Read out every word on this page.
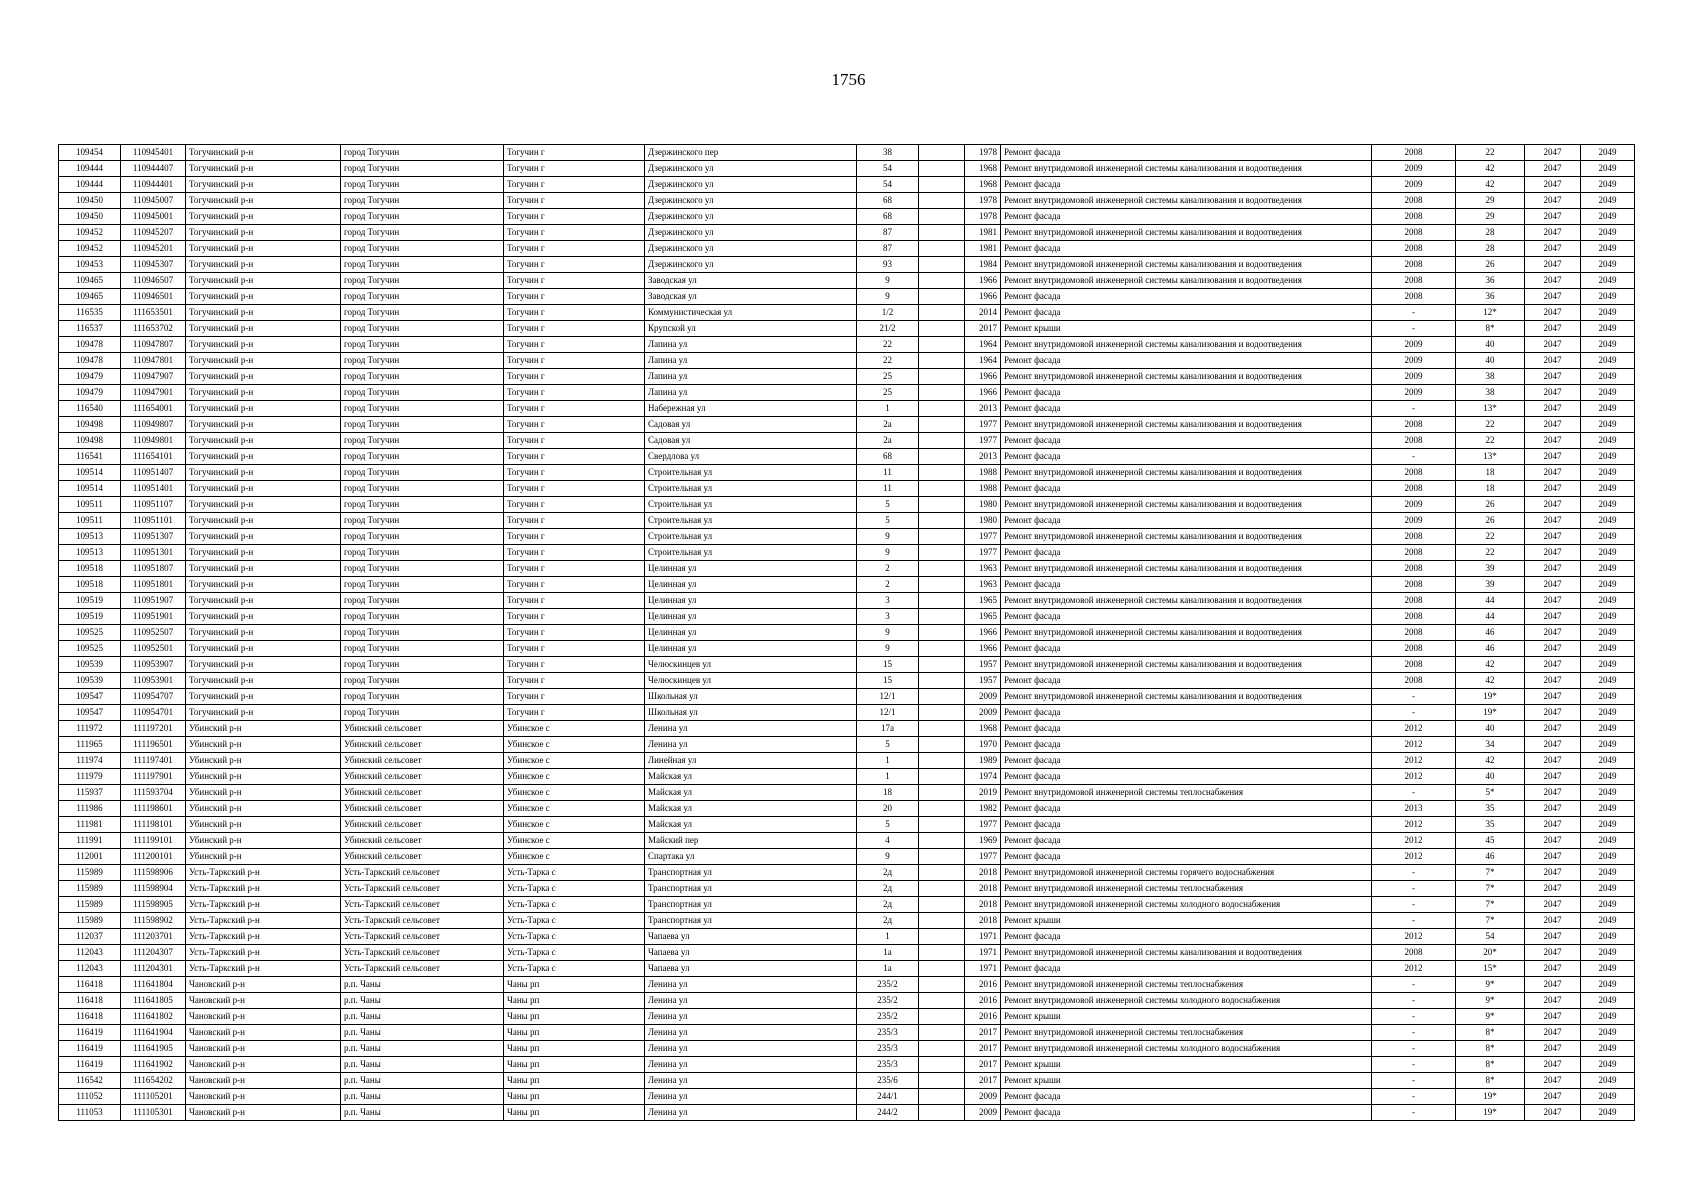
1756
109454	110945401	Тогучинский р-н	город Тогучин	Тогучин г	Дзержинского пер	38		1978	Ремонт фасада	2008	22	2047	2049
109444	110944407	Тогучинский р-н	город Тогучин	Тогучин г	Дзержинского ул	54		1968	Ремонт внутридомовой инженерной системы канализования и водоотведения	2009	42	2047	2049
109444	110944401	Тогучинский р-н	город Тогучин	Тогучин г	Дзержинского ул	54		1968	Ремонт фасада	2009	42	2047	2049
109450	110945007	Тогучинский р-н	город Тогучин	Тогучин г	Дзержинского ул	68		1978	Ремонт внутридомовой инженерной системы канализования и водоотведения	2008	29	2047	2049
109450	110945001	Тогучинский р-н	город Тогучин	Тогучин г	Дзержинского ул	68		1978	Ремонт фасада	2008	29	2047	2049
109452	110945207	Тогучинский р-н	город Тогучин	Тогучин г	Дзержинского ул	87		1981	Ремонт внутридомовой инженерной системы канализования и водоотведения	2008	28	2047	2049
109452	110945201	Тогучинский р-н	город Тогучин	Тогучин г	Дзержинского ул	87		1981	Ремонт фасада	2008	28	2047	2049
109453	110945307	Тогучинский р-н	город Тогучин	Тогучин г	Дзержинского ул	93		1984	Ремонт внутридомовой инженерной системы канализования и водоотведения	2008	26	2047	2049
109465	110946507	Тогучинский р-н	город Тогучин	Тогучин г	Заводская ул	9		1966	Ремонт внутридомовой инженерной системы канализования и водоотведения	2008	36	2047	2049
109465	110946501	Тогучинский р-н	город Тогучин	Тогучин г	Заводская ул	9		1966	Ремонт фасада	2008	36	2047	2049
116535	111653501	Тогучинский р-н	город Тогучин	Тогучин г	Коммунистическая ул	1/2		2014	Ремонт фасада	-	12*	2047	2049
116537	111653702	Тогучинский р-н	город Тогучин	Тогучин г	Крупской ул	21/2		2017	Ремонт крыши	-	8*	2047	2049
109478	110947807	Тогучинский р-н	город Тогучин	Тогучин г	Лапина ул	22		1964	Ремонт внутридомовой инженерной системы канализования и водоотведения	2009	40	2047	2049
109478	110947801	Тогучинский р-н	город Тогучин	Тогучин г	Лапина ул	22		1964	Ремонт фасада	2009	40	2047	2049
109479	110947907	Тогучинский р-н	город Тогучин	Тогучин г	Лапина ул	25		1966	Ремонт внутридомовой инженерной системы канализования и водоотведения	2009	38	2047	2049
109479	110947901	Тогучинский р-н	город Тогучин	Тогучин г	Лапина ул	25		1966	Ремонт фасада	2009	38	2047	2049
116540	111654001	Тогучинский р-н	город Тогучин	Тогучин г	Набережная ул	1		2013	Ремонт фасада	-	13*	2047	2049
109498	110949807	Тогучинский р-н	город Тогучин	Тогучин г	Садовая ул	2а		1977	Ремонт внутридомовой инженерной системы канализования и водоотведения	2008	22	2047	2049
109498	110949801	Тогучинский р-н	город Тогучин	Тогучин г	Садовая ул	2а		1977	Ремонт фасада	2008	22	2047	2049
116541	111654101	Тогучинский р-н	город Тогучин	Тогучин г	Свердлова ул	68		2013	Ремонт фасада	-	13*	2047	2049
109514	110951407	Тогучинский р-н	город Тогучин	Тогучин г	Строительная ул	11		1988	Ремонт внутридомовой инженерной системы канализования и водоотведения	2008	18	2047	2049
109514	110951401	Тогучинский р-н	город Тогучин	Тогучин г	Строительная ул	11		1988	Ремонт фасада	2008	18	2047	2049
109511	110951107	Тогучинский р-н	город Тогучин	Тогучин г	Строительная ул	5		1980	Ремонт внутридомовой инженерной системы канализования и водоотведения	2009	26	2047	2049
109511	110951101	Тогучинский р-н	город Тогучин	Тогучин г	Строительная ул	5		1980	Ремонт фасада	2009	26	2047	2049
109513	110951307	Тогучинский р-н	город Тогучин	Тогучин г	Строительная ул	9		1977	Ремонт внутридомовой инженерной системы канализования и водоотведения	2008	22	2047	2049
109513	110951301	Тогучинский р-н	город Тогучин	Тогучин г	Строительная ул	9		1977	Ремонт фасада	2008	22	2047	2049
109518	110951807	Тогучинский р-н	город Тогучин	Тогучин г	Целинная ул	2		1963	Ремонт внутридомовой инженерной системы канализования и водоотведения	2008	39	2047	2049
109518	110951801	Тогучинский р-н	город Тогучин	Тогучин г	Целинная ул	2		1963	Ремонт фасада	2008	39	2047	2049
109519	110951907	Тогучинский р-н	город Тогучин	Тогучин г	Целинная ул	3		1965	Ремонт внутридомовой инженерной системы канализования и водоотведения	2008	44	2047	2049
109519	110951901	Тогучинский р-н	город Тогучин	Тогучин г	Целинная ул	3		1965	Ремонт фасада	2008	44	2047	2049
109525	110952507	Тогучинский р-н	город Тогучин	Тогучин г	Целинная ул	9		1966	Ремонт внутридомовой инженерной системы канализования и водоотведения	2008	46	2047	2049
109525	110952501	Тогучинский р-н	город Тогучин	Тогучин г	Целинная ул	9		1966	Ремонт фасада	2008	46	2047	2049
109539	110953907	Тогучинский р-н	город Тогучин	Тогучин г	Челюскинцев ул	15		1957	Ремонт внутридомовой инженерной системы канализования и водоотведения	2008	42	2047	2049
109539	110953901	Тогучинский р-н	город Тогучин	Тогучин г	Челюскинцев ул	15		1957	Ремонт фасада	2008	42	2047	2049
109547	110954707	Тогучинский р-н	город Тогучин	Тогучин г	Школьная ул	12/1		2009	Ремонт внутридомовой инженерной системы канализования и водоотведения	-	19*	2047	2049
109547	110954701	Тогучинский р-н	город Тогучин	Тогучин г	Школьная ул	12/1		2009	Ремонт фасада	-	19*	2047	2049
111972	111197201	Убинский р-н	Убинский сельсовет	Убинское с	Ленина ул	17а		1968	Ремонт фасада	2012	40	2047	2049
111965	111196501	Убинский р-н	Убинский сельсовет	Убинское с	Ленина ул	5		1970	Ремонт фасада	2012	34	2047	2049
111974	111197401	Убинский р-н	Убинский сельсовет	Убинское с	Линейная ул	1		1989	Ремонт фасада	2012	42	2047	2049
111979	111197901	Убинский р-н	Убинский сельсовет	Убинское с	Майская ул	1		1974	Ремонт фасада	2012	40	2047	2049
115937	111593704	Убинский р-н	Убинский сельсовет	Убинское с	Майская ул	18		2019	Ремонт внутридомовой инженерной системы теплоснабжения	-	5*	2047	2049
111986	111198601	Убинский р-н	Убинский сельсовет	Убинское с	Майская ул	20		1982	Ремонт фасада	2013	35	2047	2049
111981	111198101	Убинский р-н	Убинский сельсовет	Убинское с	Майская ул	5		1977	Ремонт фасада	2012	35	2047	2049
111991	111199101	Убинский р-н	Убинский сельсовет	Убинское с	Майский пер	4		1969	Ремонт фасада	2012	45	2047	2049
112001	111200101	Убинский р-н	Убинский сельсовет	Убинское с	Спартака ул	9		1977	Ремонт фасада	2012	46	2047	2049
115989	111598906	Усть-Таркский р-н	Усть-Таркский сельсовет	Усть-Тарка с	Транспортная ул	2д		2018	Ремонт внутридомовой инженерной системы горячего водоснабжения	-	7*	2047	2049
115989	111598904	Усть-Таркский р-н	Усть-Таркский сельсовет	Усть-Тарка с	Транспортная ул	2д		2018	Ремонт внутридомовой инженерной системы теплоснабжения	-	7*	2047	2049
115989	111598905	Усть-Таркский р-н	Усть-Таркский сельсовет	Усть-Тарка с	Транспортная ул	2д		2018	Ремонт внутридомовой инженерной системы холодного водоснабжения	-	7*	2047	2049
115989	111598902	Усть-Таркский р-н	Усть-Таркский сельсовет	Усть-Тарка с	Транспортная ул	2д		2018	Ремонт крыши	-	7*	2047	2049
112037	111203701	Усть-Таркский р-н	Усть-Таркский сельсовет	Усть-Тарка с	Чапаева ул	1		1971	Ремонт фасада	2012	54	2047	2049
112043	111204307	Усть-Таркский р-н	Усть-Таркский сельсовет	Усть-Тарка с	Чапаева ул	1а		1971	Ремонт внутридомовой инженерной системы канализования и водоотведения	2008	20*	2047	2049
112043	111204301	Усть-Таркский р-н	Усть-Таркский сельсовет	Усть-Тарка с	Чапаева ул	1а		1971	Ремонт фасада	2012	15*	2047	2049
116418	111641804	Чановский р-н	р.п. Чаны	Чаны рп	Ленина ул	235/2		2016	Ремонт внутридомовой инженерной системы теплоснабжения	-	9*	2047	2049
116418	111641805	Чановский р-н	р.п. Чаны	Чаны рп	Ленина ул	235/2		2016	Ремонт внутридомовой инженерной системы холодного водоснабжения	-	9*	2047	2049
116418	111641802	Чановский р-н	р.п. Чаны	Чаны рп	Ленина ул	235/2		2016	Ремонт крыши	-	9*	2047	2049
116419	111641904	Чановский р-н	р.п. Чаны	Чаны рп	Ленина ул	235/3		2017	Ремонт внутридомовой инженерной системы теплоснабжения	-	8*	2047	2049
116419	111641905	Чановский р-н	р.п. Чаны	Чаны рп	Ленина ул	235/3		2017	Ремонт внутридомовой инженерной системы холодного водоснабжения	-	8*	2047	2049
116419	111641902	Чановский р-н	р.п. Чаны	Чаны рп	Ленина ул	235/3		2017	Ремонт крыши	-	8*	2047	2049
116542	111654202	Чановский р-н	р.п. Чаны	Чаны рп	Ленина ул	235/6		2017	Ремонт крыши	-	8*	2047	2049
111052	111105201	Чановский р-н	р.п. Чаны	Чаны рп	Ленина ул	244/1		2009	Ремонт фасада	-	19*	2047	2049
111053	111105301	Чановский р-н	р.п. Чаны	Чаны рп	Ленина ул	244/2		2009	Ремонт фасада	-	19*	2047	2049
